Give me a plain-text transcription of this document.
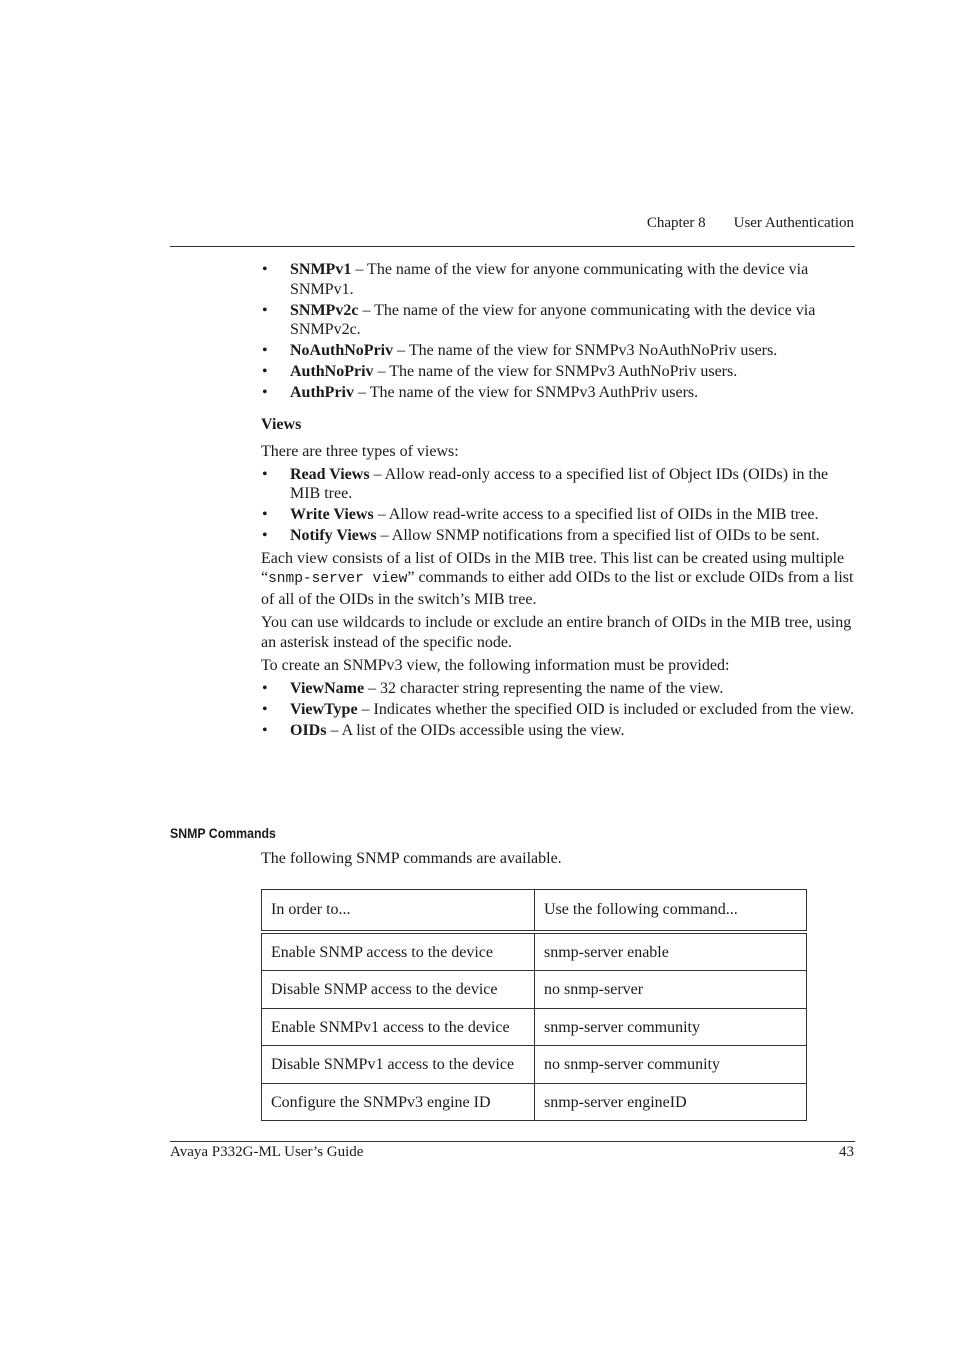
Chapter 8 User Authentication
• SNMPv1 – The name of the view for anyone communicating with the device via SNMPv1.
• SNMPv2c – The name of the view for anyone communicating with the device via SNMPv2c.
• NoAuthNoPriv – The name of the view for SNMPv3 NoAuthNoPriv users.
• AuthNoPriv – The name of the view for SNMPv3 AuthNoPriv users.
• AuthPriv – The name of the view for SNMPv3 AuthPriv users.
Views

There are three types of views:

• Read Views – Allow read-only access to a specified list of Object IDs (OIDs) in the MIB tree.
• Write Views – Allow read-write access to a specified list of OIDs in the MIB tree.
• Notify Views – Allow SNMP notifications from a specified list of OIDs to be sent.

Each view consists of a list of OIDs in the MIB tree. This list can be created using multiple “snmp-server view” commands to either add OIDs to the list or exclude OIDs from a list of all of the OIDs in the switch’s MIB tree.

You can use wildcards to include or exclude an entire branch of OIDs in the MIB tree, using an asterisk instead of the specific node.

To create an SNMPv3 view, the following information must be provided:

• ViewName – 32 character string representing the name of the view.
• ViewType – Indicates whether the specified OID is included or excluded from the view.
• OIDs – A list of the OIDs accessible using the view.
SNMP Commands
The following SNMP commands are available.
In order to...	Use the following command...
Enable SNMP access to the device	snmp-server enable
Disable SNMP access to the device	no snmp-server
Enable SNMPv1 access to the device	snmp-server community
Disable SNMPv1 access to the device	no snmp-server community
Configure the SNMPv3 engine ID	snmp-server engineID
Avaya P332G-ML User’s Guide	43
